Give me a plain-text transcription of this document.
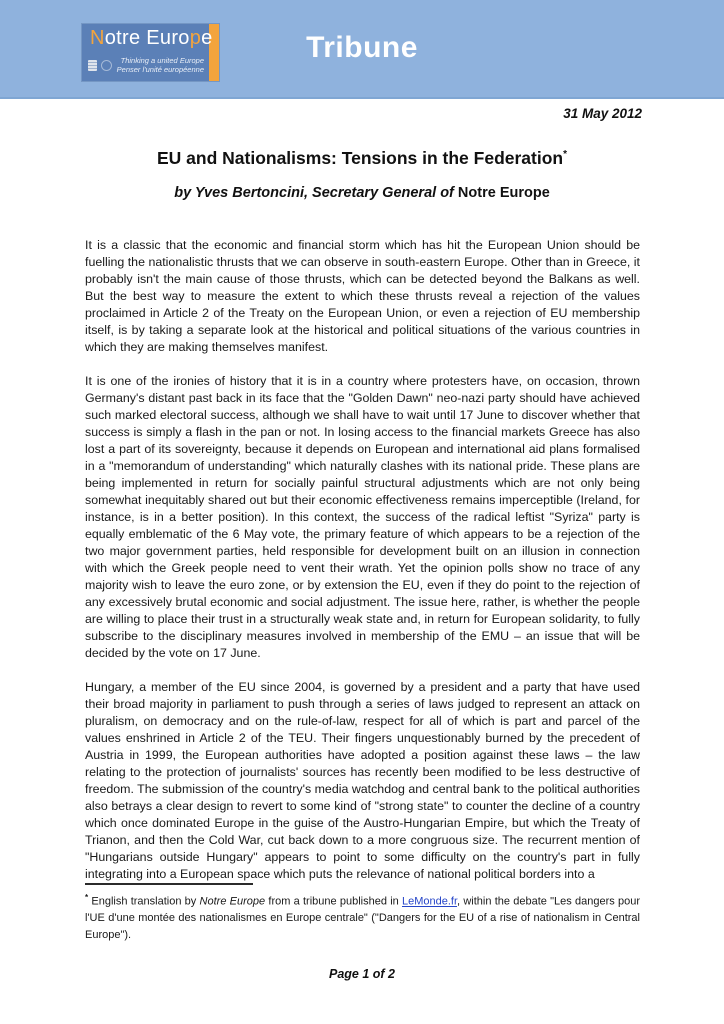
Notre Europe
Thinking a united Europe
Penser l'unité européenne
Tribune
31 May 2012
EU and Nationalisms: Tensions in the Federation*
by Yves Bertoncini, Secretary General of Notre Europe

It is a classic that the economic and financial storm which has hit the European Union should be fuelling the nationalistic thrusts that we can observe in south-eastern Europe. Other than in Greece, it probably isn't the main cause of those thrusts, which can be detected beyond the Balkans as well. But the best way to measure the extent to which these thrusts reveal a rejection of the values proclaimed in Article 2 of the Treaty on the European Union, or even a rejection of EU membership itself, is by taking a separate look at the historical and political situations of the various countries in which they are making themselves manifest.

It is one of the ironies of history that it is in a country where protesters have, on occasion, thrown Germany's distant past back in its face that the "Golden Dawn" neo-nazi party should have achieved such marked electoral success, although we shall have to wait until 17 June to discover whether that success is simply a flash in the pan or not. In losing access to the financial markets Greece has also lost a part of its sovereignty, because it depends on European and international aid plans formalised in a "memorandum of understanding" which naturally clashes with its national pride. These plans are being implemented in return for socially painful structural adjustments which are not only being somewhat inequitably shared out but their economic effectiveness remains imperceptible (Ireland, for instance, is in a better position). In this context, the success of the radical leftist "Syriza" party is equally emblematic of the 6 May vote, the primary feature of which appears to be a rejection of the two major government parties, held responsible for development built on an illusion in connection with which the Greek people need to vent their wrath. Yet the opinion polls show no trace of any majority wish to leave the euro zone, or by extension the EU, even if they do point to the rejection of any excessively brutal economic and social adjustment. The issue here, rather, is whether the people are willing to place their trust in a structurally weak state and, in return for European solidarity, to fully subscribe to the disciplinary measures involved in membership of the EMU – an issue that will be decided by the vote on 17 June.

Hungary, a member of the EU since 2004, is governed by a president and a party that have used their broad majority in parliament to push through a series of laws judged to represent an attack on pluralism, on democracy and on the rule-of-law, respect for all of which is part and parcel of the values enshrined in Article 2 of the TEU. Their fingers unquestionably burned by the precedent of Austria in 1999, the European authorities have adopted a position against these laws – the law relating to the protection of journalists' sources has recently been modified to be less destructive of freedom. The submission of the country's media watchdog and central bank to the political authorities also betrays a clear design to revert to some kind of "strong state" to counter the decline of a country which once dominated Europe in the guise of the Austro-Hungarian Empire, but which the Treaty of Trianon, and then the Cold War, cut back down to a more congruous size. The recurrent mention of "Hungarians outside Hungary" appears to point to some difficulty on the country's part in fully integrating into a European space which puts the relevance of national political borders into a

* English translation by Notre Europe from a tribune published in LeMonde.fr, within the debate "Les dangers pour l'UE d'une montée des nationalismes en Europe centrale" ("Dangers for the EU of a rise of nationalism in Central Europe").
Page 1 of 2
